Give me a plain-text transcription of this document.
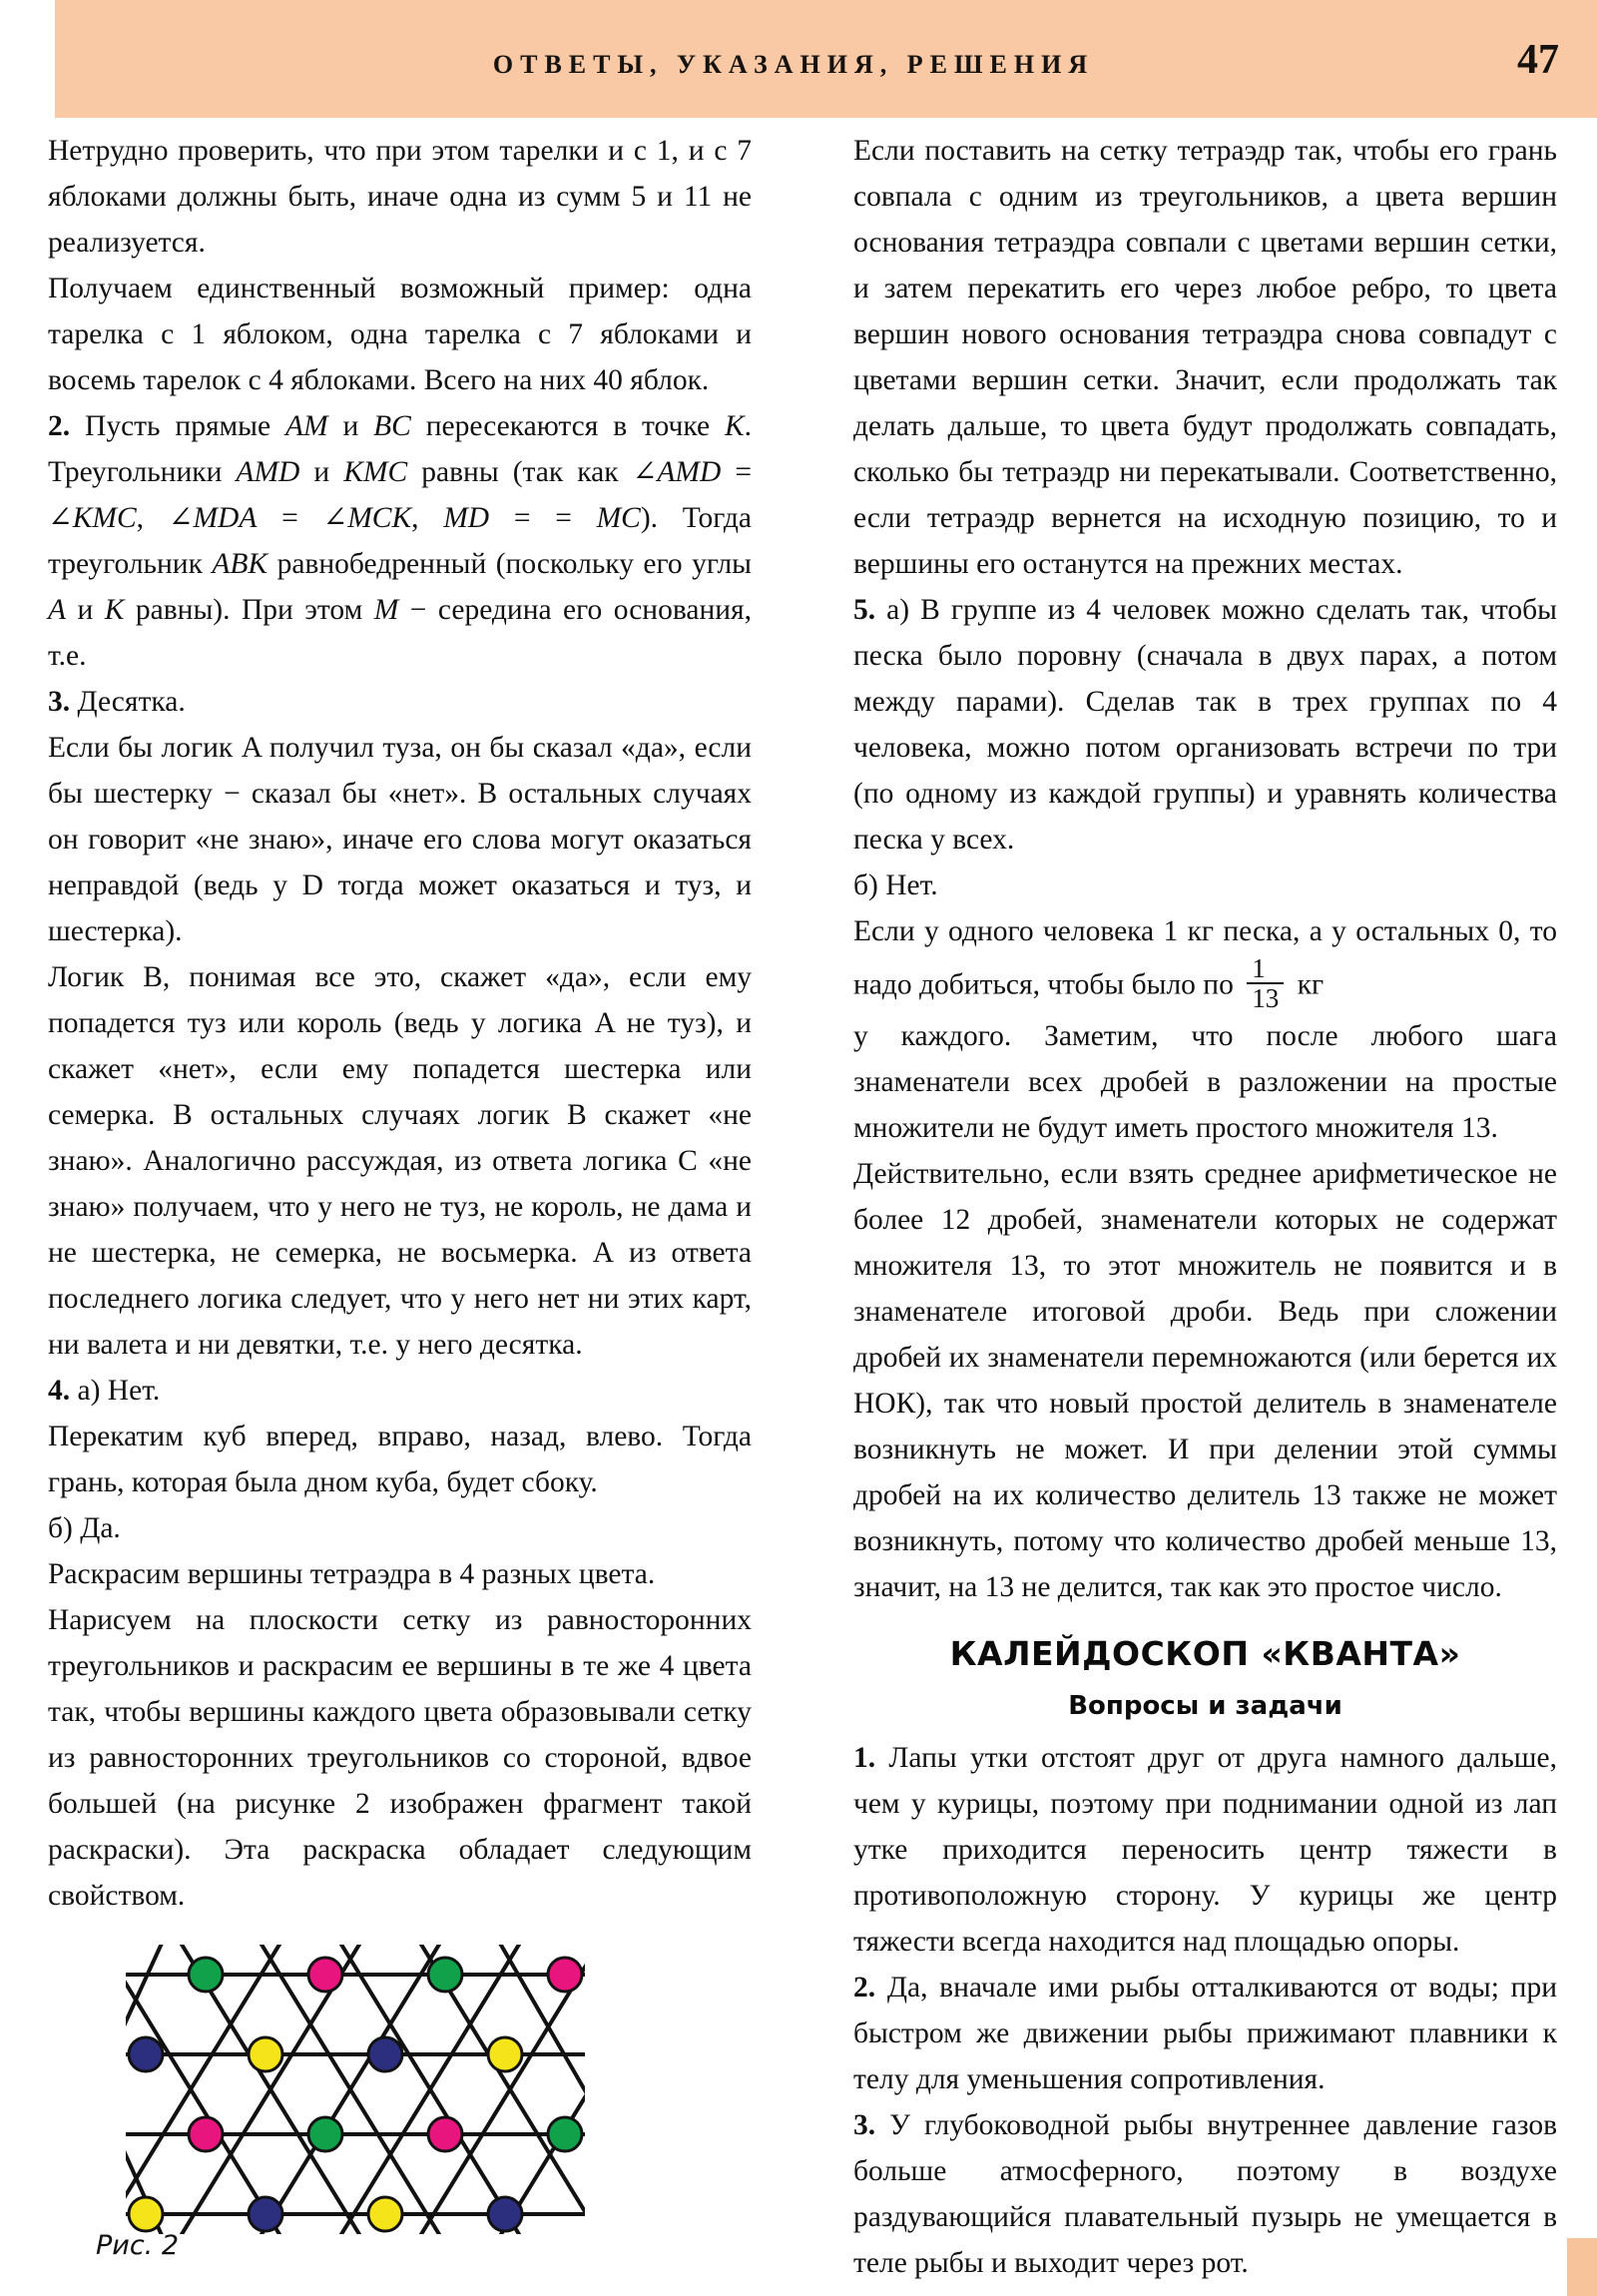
ОТВЕТЫ, УКАЗАНИЯ, РЕШЕНИЯ	47

Нетрудно проверить, что при этом тарелки и с 1, и с 7 яблоками должны быть, иначе одна из сумм 5 и 11 не реализуется.

Получаем единственный возможный пример: одна тарелка с 1 яблоком, одна тарелка с 7 яблоками и восемь тарелок с 4 яблоками. Всего на них 40 яблок.

2. Пусть прямые AM и BC пересекаются в точке K. Треугольники AMD и KMC равны (так как ∠AMD = ∠KMC, ∠MDA = ∠MCK, MD = = MC). Тогда треугольник ABK равнобедренный (поскольку его углы A и K равны). При этом M − середина его основания, т.е.

3. Десятка.

Если бы логик A получил туза, он бы сказал «да», если бы шестерку − сказал бы «нет». В остальных случаях он говорит «не знаю», иначе его слова могут оказаться неправдой (ведь у D тогда может оказаться и туз, и шестерка).

Логик B, понимая все это, скажет «да», если ему попадется туз или король (ведь у логика A не туз), и скажет «нет», если ему попадется шестерка или семерка. В остальных случаях логик B скажет «не знаю». Аналогично рассуждая, из ответа логика C «не знаю» получаем, что у него не туз, не король, не дама и не шестерка, не семерка, не восьмерка. А из ответа последнего логика следует, что у него нет ни этих карт, ни валета и ни девятки, т.е. у него десятка.

4. а) Нет.

Перекатим куб вперед, вправо, назад, влево. Тогда грань, которая была дном куба, будет сбоку.

б) Да.

Раскрасим вершины тетраэдра в 4 разных цвета.

Нарисуем на плоскости сетку из равносторонних треугольников и раскрасим ее вершины в те же 4 цвета так, чтобы вершины каждого цвета образовывали сетку из равносторонних треугольников со стороной, вдвое большей (на рисунке 2 изображен фрагмент такой раскраски). Эта раскраска обладает следующим свойством.

Рис. 2

Если поставить на сетку тетраэдр так, чтобы его грань совпала с одним из треугольников, а цвета вершин основания тетраэдра совпали с цветами вершин сетки, и затем перекатить его через любое ребро, то цвета вершин нового основания тетраэдра снова совпадут с цветами вершин сетки. Значит, если продолжать так делать дальше, то цвета будут продолжать совпадать, сколько бы тетраэдр ни перекатывали. Соответственно, если тетраэдр вернется на исходную позицию, то и вершины его останутся на прежних местах.

5. а) В группе из 4 человек можно сделать так, чтобы песка было поровну (сначала в двух парах, а потом между парами). Сделав так в трех группах по 4 человека, можно потом организовать встречи по три (по одному из каждой группы) и уравнять количества песка у всех.

б) Нет.

Если у одного человека 1 кг песка, а у остальных 0, то надо добиться, чтобы было по $\frac{1}{13}$ кг

у каждого. Заметим, что после любого шага знаменатели всех дробей в разложении на простые множители не будут иметь простого множителя 13.

Действительно, если взять среднее арифметическое не более 12 дробей, знаменатели которых не содержат множителя 13, то этот множитель не появится и в знаменателе итоговой дроби. Ведь при сложении дробей их знаменатели перемножаются (или берется их НОК), так что новый простой делитель в знаменателе возникнуть не может. И при делении этой суммы дробей на их количество делитель 13 также не может возникнуть, потому что количество дробей меньше 13, значит, на 13 не делится, так как это простое число.

КАЛЕЙДОСКОП «КВАНТА»
Вопросы и задачи

1. Лапы утки отстоят друг от друга намного дальше, чем у курицы, поэтому при поднимании одной из лап утке приходится переносить центр тяжести в противоположную сторону. У курицы же центр тяжести всегда находится над площадью опоры.

2. Да, вначале ими рыбы отталкиваются от воды; при быстром же движении рыбы прижимают плавники к телу для уменьшения сопротивления.

3. У глубоководной рыбы внутреннее давление газов больше атмосферного, поэтому в воздухе раздувающийся плавательный пузырь не умещается в теле рыбы и выходит через рот.
